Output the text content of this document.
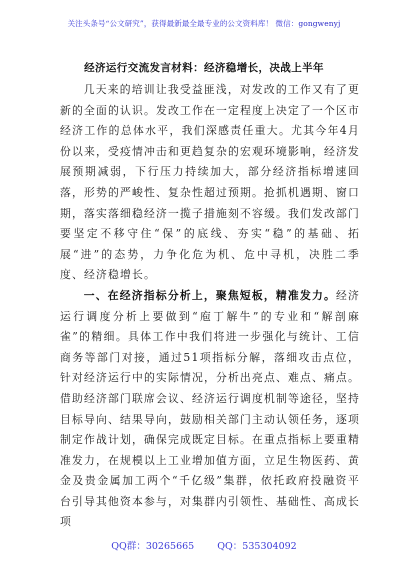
关注头条号“公文研究”，获得最新最全最专业的公文资料库！ 微信：gongwenyj
经济运行交流发言材料：经济稳增长，决战上半年

几天来的培训让我受益匪浅，对发改的工作又有了更新的全面的认识。发改工作在一定程度上决定了一个区市经济工作的总体水平，我们深感责任重大。尤其今年4月份以来，受疫情冲击和更趋复杂的宏观环境影响，经济发展预期减弱，下行压力持续加大，部分经济指标增速回落，形势的严峻性、复杂性超过预期。抢抓机遇期、窗口期，落实落细稳经济一揽子措施刻不容缓。我们发改部门要坚定不移守住“保”的底线、夯实“稳”的基础、拓展“进”的态势，力争化危为机、危中寻机，决胜二季度、经济稳增长。

一、在经济指标分析上，聚焦短板，精准发力。经济运行调度分析上要做到“庖丁解牛”的专业和“解剖麻雀”的精细。具体工作中我们将进一步强化与统计、工信商务等部门对接，通过51项指标分解，落细攻击点位，针对经济运行中的实际情况，分析出亮点、难点、痛点。借助经济部门联席会议、经济运行调度机制等途径，坚持目标导向、结果导向，鼓励相关部门主动认领任务，逐项制定作战计划，确保完成既定目标。在重点指标上要重精准发力，在规模以上工业增加值方面，立足生物医药、黄金及贵金属加工两个“千亿级”集群，依托政府投融资平台引导其他资本参与，对集群内引领性、基础性、高成长项

QQ群：30265665 QQ：535304092
